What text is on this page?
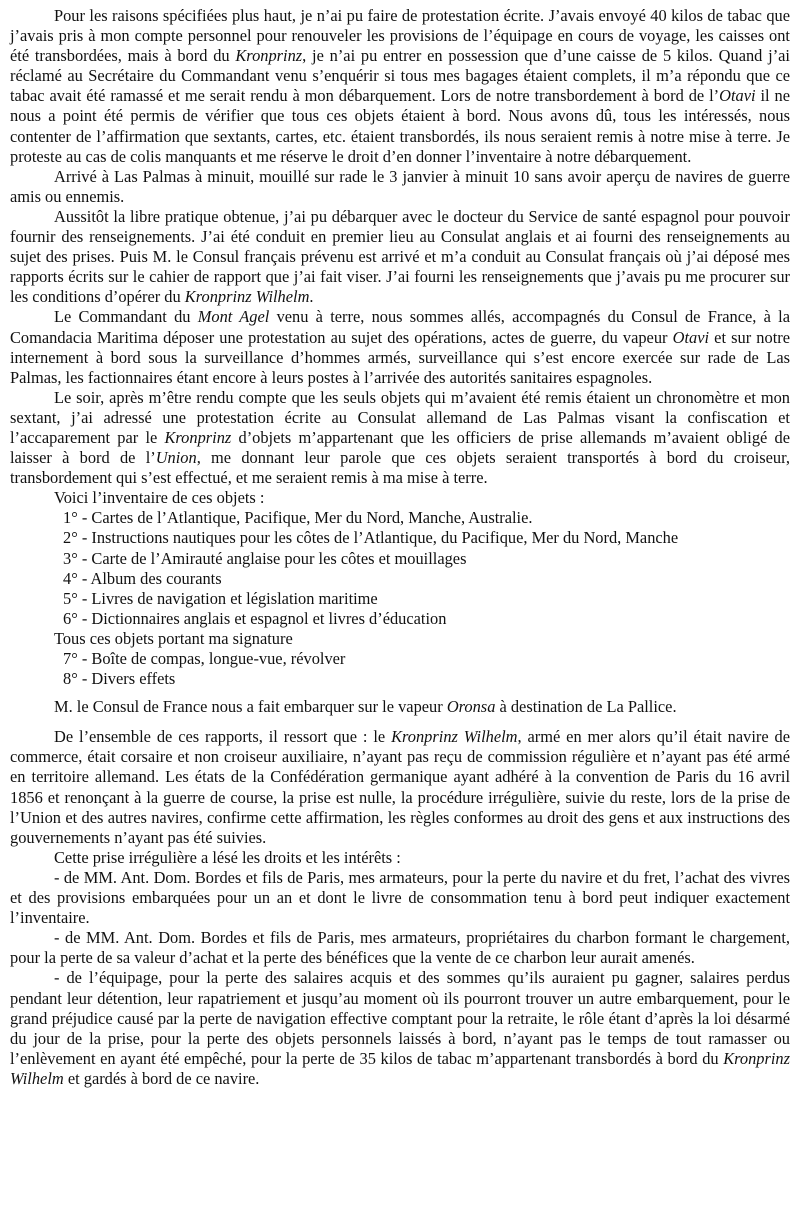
Pour les raisons spécifiées plus haut, je n’ai pu faire de protestation écrite. J’avais envoyé 40 kilos de tabac que j’avais pris à mon compte personnel pour renouveler les provisions de l’équipage en cours de voyage, les caisses ont été transbordées, mais à bord du Kronprinz, je n’ai pu entrer en possession que d’une caisse de 5 kilos. Quand j’ai réclamé au Secrétaire du Commandant venu s’enquérir si tous mes bagages étaient complets, il m’a répondu que ce tabac avait été ramassé et me serait rendu à mon débarquement. Lors de notre transbordement à bord de l’Otavi il ne nous a point été permis de vérifier que tous ces objets étaient à bord. Nous avons dû, tous les intéressés, nous contenter de l’affirmation que sextants, cartes, etc. étaient transbordés, ils nous seraient remis à notre mise à terre. Je proteste au cas de colis manquants et me réserve le droit d’en donner l’inventaire à notre débarquement.

Arrivé à Las Palmas à minuit, mouillé sur rade le 3 janvier à minuit 10 sans avoir aperçu de navires de guerre amis ou ennemis.

Aussitôt la libre pratique obtenue, j’ai pu débarquer avec le docteur du Service de santé espagnol pour pouvoir fournir des renseignements. J’ai été conduit en premier lieu au Consulat anglais et ai fourni des renseignements au sujet des prises. Puis M. le Consul français prévenu est arrivé et m’a conduit au Consulat français où j’ai déposé mes rapports écrits sur le cahier de rapport que j’ai fait viser. J’ai fourni les renseignements que j’avais pu me procurer sur les conditions d’opérer du Kronprinz Wilhelm.

Le Commandant du Mont Agel venu à terre, nous sommes allés, accompagnés du Consul de France, à la Comandacia Maritima déposer une protestation au sujet des opérations, actes de guerre, du vapeur Otavi et sur notre internement à bord sous la surveillance d’hommes armés, surveillance qui s’est encore exercée sur rade de Las Palmas, les factionnaires étant encore à leurs postes à l’arrivée des autorités sanitaires espagnoles.

Le soir, après m’être rendu compte que les seuls objets qui m’avaient été remis étaient un chronomètre et mon sextant, j’ai adressé une protestation écrite au Consulat allemand de Las Palmas visant la confiscation et l’accaparement par le Kronprinz d’objets m’appartenant que les officiers de prise allemands m’avaient obligé de laisser à bord de l’Union, me donnant leur parole que ces objets seraient transportés à bord du croiseur, transbordement qui s’est effectué, et me seraient remis à ma mise à terre.

Voici l’inventaire de ces objets :

1° - Cartes de l’Atlantique, Pacifique, Mer du Nord, Manche, Australie.

2° - Instructions nautiques pour les côtes de l’Atlantique, du Pacifique, Mer du Nord, Manche

3° - Carte de l’Amirauté anglaise pour les côtes et mouillages

4° - Album des courants

5° - Livres de navigation et législation maritime

6° - Dictionnaires anglais et espagnol et livres d’éducation

Tous ces objets portant ma signature

7° - Boîte de compas, longue-vue, révolver

8° - Divers effets

M. le Consul de France nous a fait embarquer sur le vapeur Oronsa à destination de La Pallice.

De l’ensemble de ces rapports, il ressort que : le Kronprinz Wilhelm, armé en mer alors qu’il était navire de commerce, était corsaire et non croiseur auxiliaire, n’ayant pas reçu de commission régulière et n’ayant pas été armé en territoire allemand. Les états de la Confédération germanique ayant adhéré à la convention de Paris du 16 avril 1856 et renonçant à la guerre de course, la prise est nulle, la procédure irrégulière, suivie du reste, lors de la prise de l’Union et des autres navires, confirme cette affirmation, les règles conformes au droit des gens et aux instructions des gouvernements n’ayant pas été suivies.

Cette prise irrégulière a lésé les droits et les intérêts :

- de MM. Ant. Dom. Bordes et fils de Paris, mes armateurs, pour la perte du navire et du fret, l’achat des vivres et des provisions embarquées pour un an et dont le livre de consommation tenu à bord peut indiquer exactement l’inventaire.

- de MM. Ant. Dom. Bordes et fils de Paris, mes armateurs, propriétaires du charbon formant le chargement, pour la perte de sa valeur d’achat et la perte des bénéfices que la vente de ce charbon leur aurait amenés.

- de l’équipage, pour la perte des salaires acquis et des sommes qu’ils auraient pu gagner, salaires perdus pendant leur détention, leur rapatriement et jusqu’au moment où ils pourront trouver un autre embarquement, pour le grand préjudice causé par la perte de navigation effective comptant pour la retraite, le rôle étant d’après la loi désarmé du jour de la prise, pour la perte des objets personnels laissés à bord, n’ayant pas le temps de tout ramasser ou l’enlèvement en ayant été empêché, pour la perte de 35 kilos de tabac m’appartenant transbordés à bord du Kronprinz Wilhelm et gardés à bord de ce navire.
